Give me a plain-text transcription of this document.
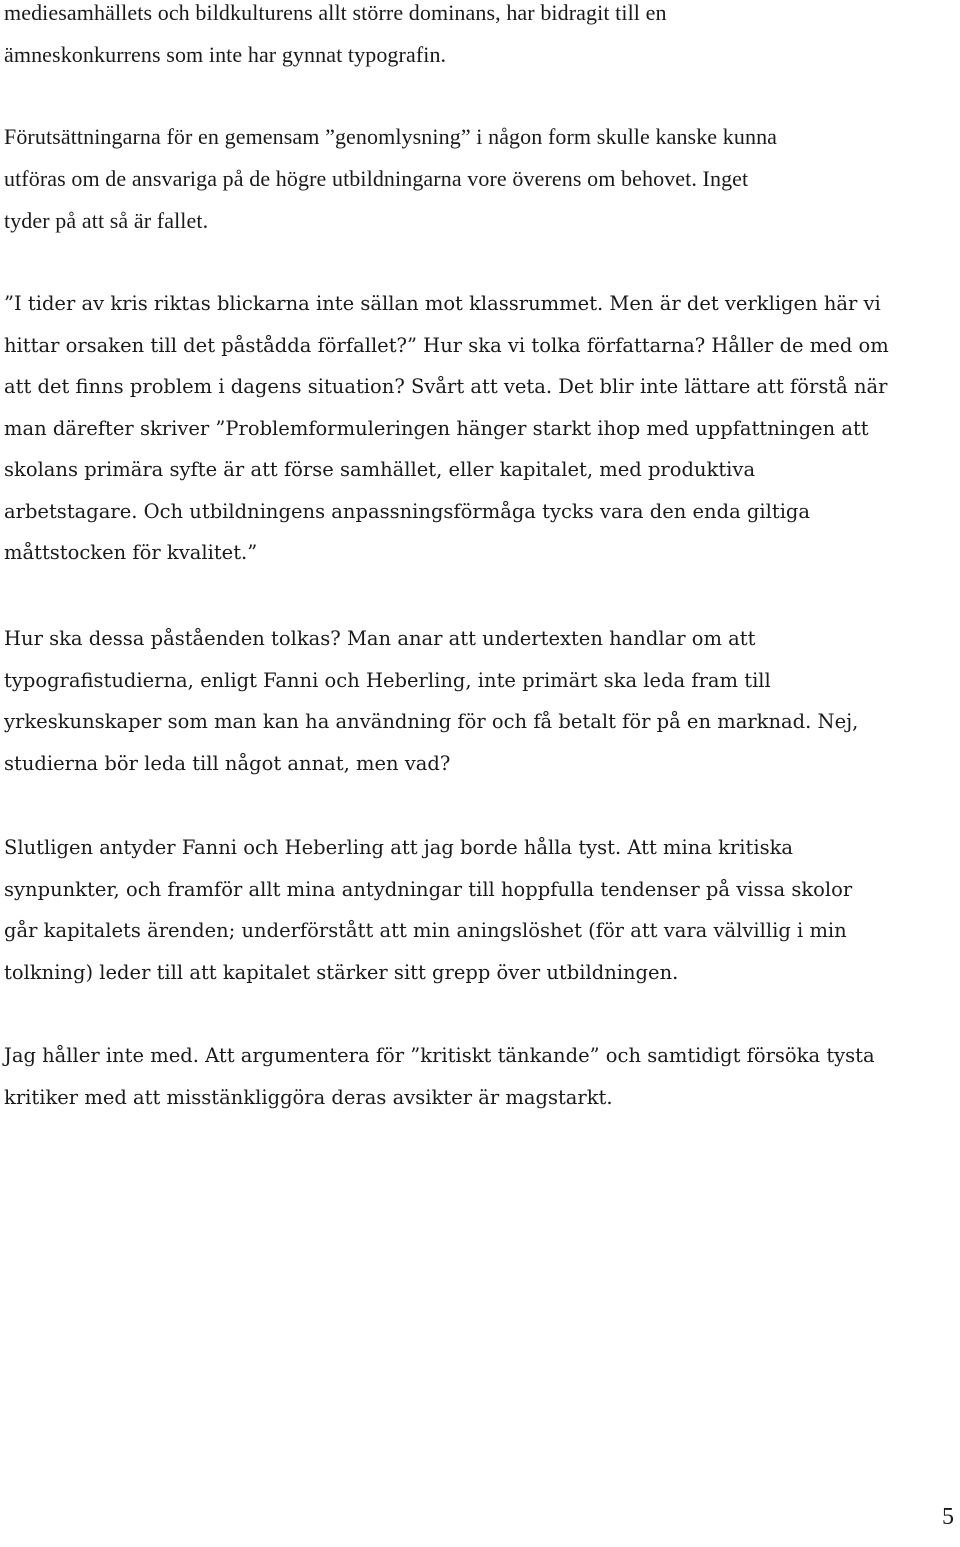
mediesamhällets och bildkulturens allt större dominans, har bidragit till en
ämneskonkurrens som inte har gynnat typografin.

Förutsättningarna för en gemensam ”genomlysning” i någon form skulle kanske kunna
utföras om de ansvariga på de högre utbildningarna vore överens om behovet. Inget
tyder på att så är fallet.

”I tider av kris riktas blickarna inte sällan mot klassrummet. Men är det verkligen här vi
hittar orsaken till det påstådda förfallet?” Hur ska vi tolka författarna? Håller de med om
att det finns problem i dagens situation? Svårt att veta. Det blir inte lättare att förstå när
man därefter skriver ”Problemformuleringen hänger starkt ihop med uppfattningen att
skolans primära syfte är att förse samhället, eller kapitalet, med produktiva
arbetstagare. Och utbildningens anpassningsförmåga tycks vara den enda giltiga
måttstocken för kvalitet.”

Hur ska dessa påståenden tolkas? Man anar att undertexten handlar om att
typografistudierna, enligt Fanni och Heberling, inte primärt ska leda fram till
yrkeskunskaper som man kan ha användning för och få betalt för på en marknad. Nej,
studierna bör leda till något annat, men vad?

Slutligen antyder Fanni och Heberling att jag borde hålla tyst. Att mina kritiska
synpunkter, och framför allt mina antydningar till hoppfulla tendenser på vissa skolor
går kapitalets ärenden; underförstått att min aningslöshet (för att vara välvillig i min
tolkning) leder till att kapitalet stärker sitt grepp över utbildningen.

Jag håller inte med. Att argumentera för ”kritiskt tänkande” och samtidigt försöka tysta
kritiker med att misstänkliggöra deras avsikter är magstarkt.

5
